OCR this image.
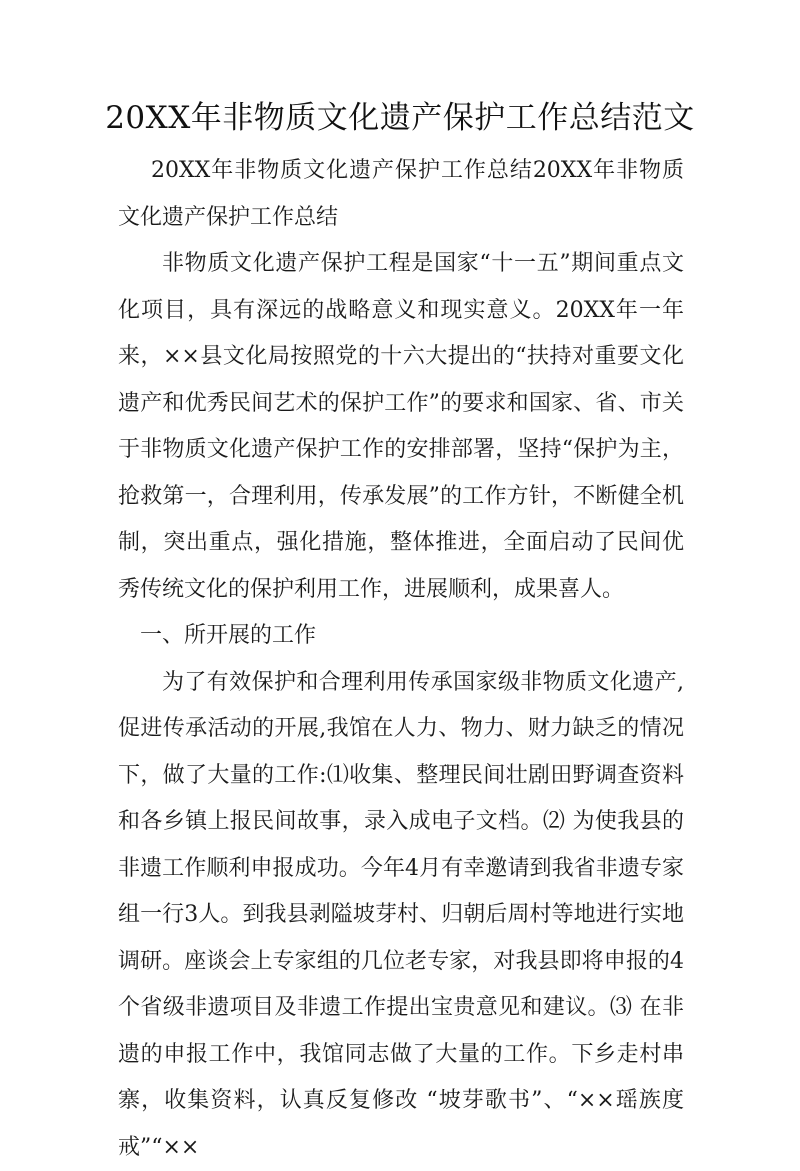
20XX年非物质文化遗产保护工作总结范文

20XX年非物质文化遗产保护工作总结20XX年非物质文化遗产保护工作总结

非物质文化遗产保护工程是国家“十一五”期间重点文化项目，具有深远的战略意义和现实意义。20XX年一年来，××县文化局按照党的十六大提出的“扶持对重要文化遗产和优秀民间艺术的保护工作”的要求和国家、省、市关于非物质文化遗产保护工作的安排部署，坚持“保护为主，抢救第一，合理利用，传承发展”的工作方针，不断健全机制，突出重点，强化措施，整体推进，全面启动了民间优秀传统文化的保护利用工作，进展顺利，成果喜人。

一、所开展的工作

为了有效保护和合理利用传承国家级非物质文化遗产,促进传承活动的开展,我馆在人力、物力、财力缺乏的情况下，做了大量的工作:⑴收集、整理民间壮剧田野调查资料和各乡镇上报民间故事，录入成电子文档。⑵ 为使我县的非遗工作顺利申报成功。今年4月有幸邀请到我省非遗专家组一行3人。到我县剥隘坡芽村、归朝后周村等地进行实地调研。座谈会上专家组的几位老专家，对我县即将申报的4个省级非遗项目及非遗工作提出宝贵意见和建议。⑶ 在非遗的申报工作中，我馆同志做了大量的工作。下乡走村串寨，收集资料，认真反复修改 “坡芽歌书”、“××瑶族度戒”“××
